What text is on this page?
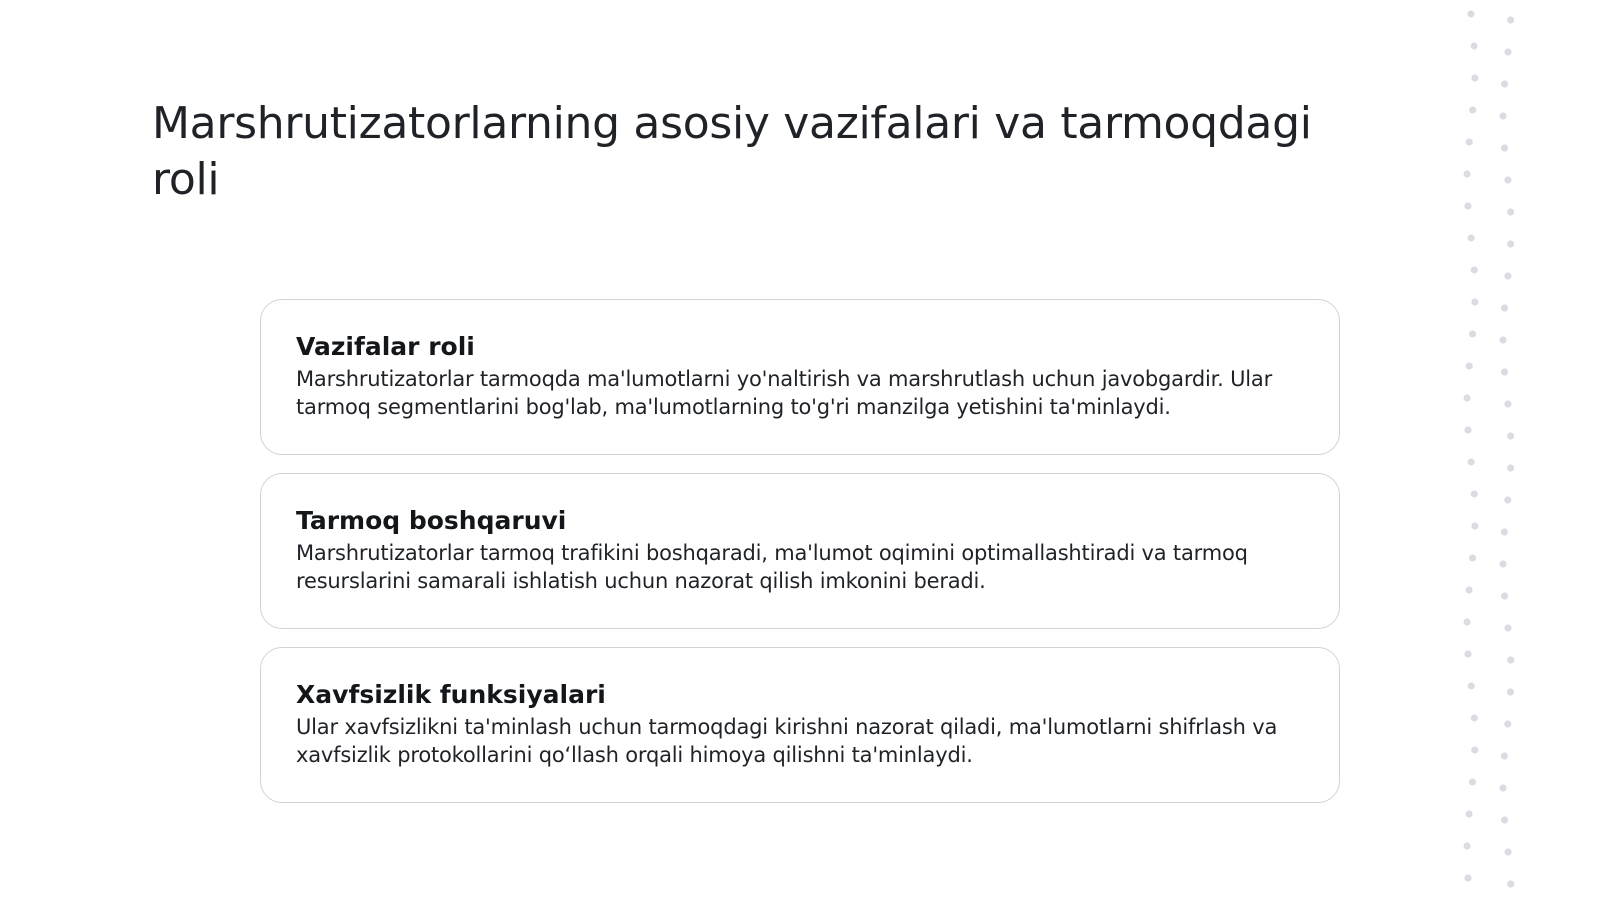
Marshrutizatorlarning asosiy vazifalari va tarmoqdagi roli
Vazifalar roli

Marshrutizatorlar tarmoqda ma'lumotlarni yo'naltirish va marshrutlash uchun javobgardir. Ular tarmoq segmentlarini bog'lab, ma'lumotlarning to'g'ri manzilga yetishini ta'minlaydi.

Tarmoq boshqaruvi

Marshrutizatorlar tarmoq trafikini boshqaradi, ma'lumot oqimini optimallashtiradi va tarmoq resurslarini samarali ishlatish uchun nazorat qilish imkonini beradi.

Xavfsizlik funksiyalari

Ular xavfsizlikni ta'minlash uchun tarmoqdagi kirishni nazorat qiladi, ma'lumotlarni shifrlash va xavfsizlik protokollarini qo‘llash orqali himoya qilishni ta'minlaydi.
